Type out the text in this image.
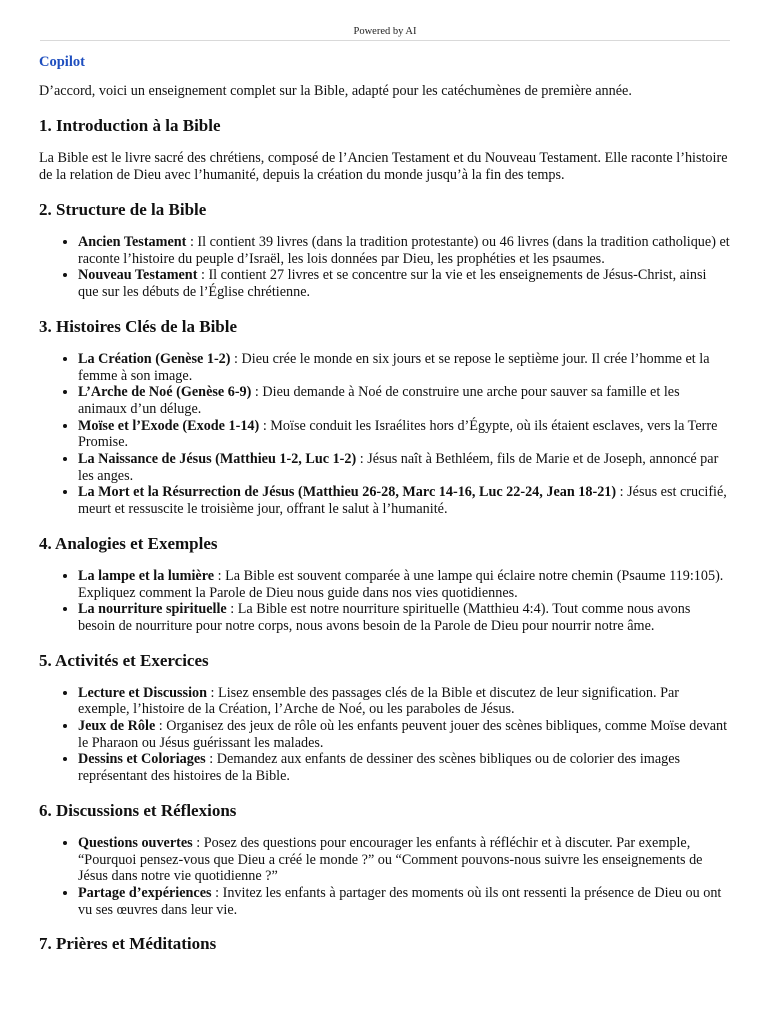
Powered by AI
Copilot

D’accord, voici un enseignement complet sur la Bible, adapté pour les catéchumènes de première année.

1. Introduction à la Bible

La Bible est le livre sacré des chrétiens, composé de l’Ancien Testament et du Nouveau Testament. Elle raconte l’histoire de la relation de Dieu avec l’humanité, depuis la création du monde jusqu’à la fin des temps.

2. Structure de la Bible
• Ancien Testament : Il contient 39 livres (dans la tradition protestante) ou 46 livres (dans la tradition catholique) et raconte l’histoire du peuple d’Israël, les lois données par Dieu, les prophéties et les psaumes.
• Nouveau Testament : Il contient 27 livres et se concentre sur la vie et les enseignements de Jésus-Christ, ainsi que sur les débuts de l’Église chrétienne.
3. Histoires Clés de la Bible
• La Création (Genèse 1-2) : Dieu crée le monde en six jours et se repose le septième jour. Il crée l’homme et la femme à son image.
• L’Arche de Noé (Genèse 6-9) : Dieu demande à Noé de construire une arche pour sauver sa famille et les animaux d’un déluge.
• Moïse et l’Exode (Exode 1-14) : Moïse conduit les Israélites hors d’Égypte, où ils étaient esclaves, vers la Terre Promise.
• La Naissance de Jésus (Matthieu 1-2, Luc 1-2) : Jésus naît à Bethléem, fils de Marie et de Joseph, annoncé par les anges.
• La Mort et la Résurrection de Jésus (Matthieu 26-28, Marc 14-16, Luc 22-24, Jean 18-21) : Jésus est crucifié, meurt et ressuscite le troisième jour, offrant le salut à l’humanité.
4. Analogies et Exemples
• La lampe et la lumière : La Bible est souvent comparée à une lampe qui éclaire notre chemin (Psaume 119:105). Expliquez comment la Parole de Dieu nous guide dans nos vies quotidiennes.
• La nourriture spirituelle : La Bible est notre nourriture spirituelle (Matthieu 4:4). Tout comme nous avons besoin de nourriture pour notre corps, nous avons besoin de la Parole de Dieu pour nourrir notre âme.
5. Activités et Exercices
• Lecture et Discussion : Lisez ensemble des passages clés de la Bible et discutez de leur signification. Par exemple, l’histoire de la Création, l’Arche de Noé, ou les paraboles de Jésus.
• Jeux de Rôle : Organisez des jeux de rôle où les enfants peuvent jouer des scènes bibliques, comme Moïse devant le Pharaon ou Jésus guérissant les malades.
• Dessins et Coloriages : Demandez aux enfants de dessiner des scènes bibliques ou de colorier des images représentant des histoires de la Bible.
6. Discussions et Réflexions
• Questions ouvertes : Posez des questions pour encourager les enfants à réfléchir et à discuter. Par exemple, “Pourquoi pensez-vous que Dieu a créé le monde ?” ou “Comment pouvons-nous suivre les enseignements de Jésus dans notre vie quotidienne ?”
• Partage d’expériences : Invitez les enfants à partager des moments où ils ont ressenti la présence de Dieu ou ont vu ses œuvres dans leur vie.
7. Prières et Méditations
